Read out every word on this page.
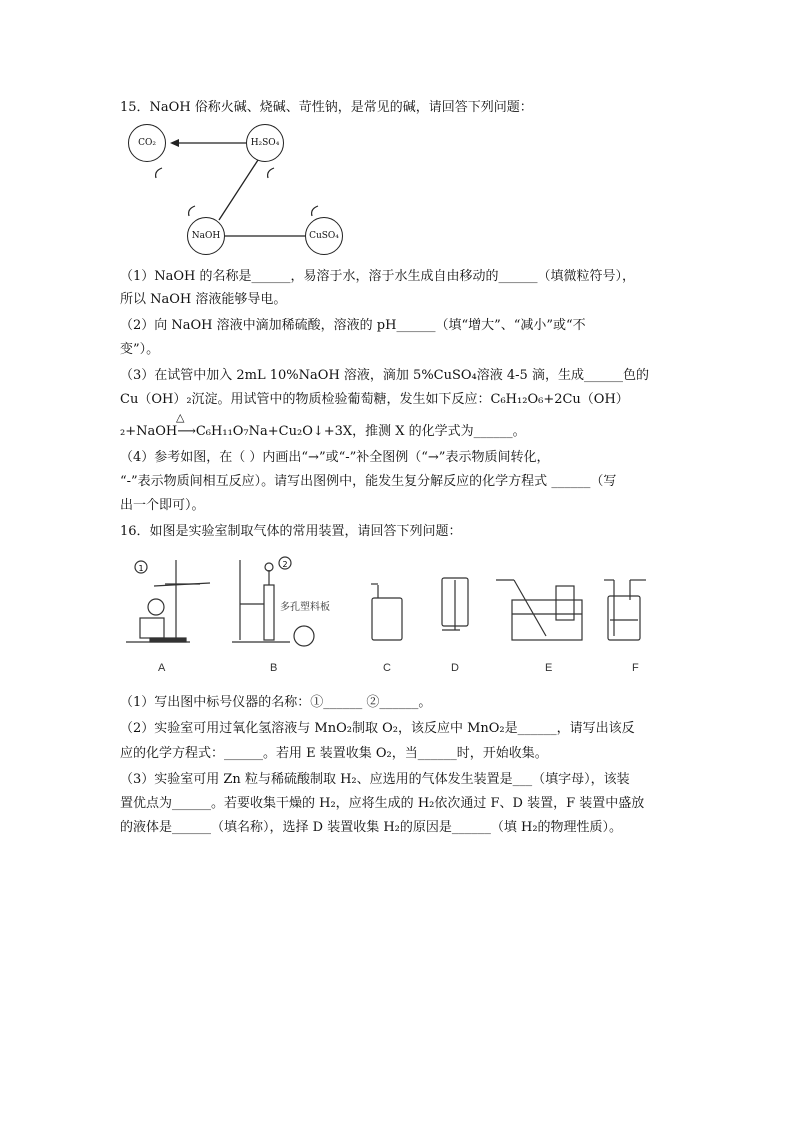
15．NaOH 俗称火碱、烧碱、苛性钠，是常见的碱，请回答下列问题：
CO₂	H₂SO₄
NaOH	CuSO₄
（1）NaOH 的名称是______，易溶于水，溶于水生成自由移动的______（填微粒符号），
所以 NaOH 溶液能够导电。
（2）向 NaOH 溶液中滴加稀硫酸，溶液的 pH______（填“增大”、“减小”或“不
变”）。
（3）在试管中加入 2mL 10%NaOH 溶液，滴加 5%CuSO₄溶液 4-5 滴，生成______色的
Cu（OH）₂沉淀。用试管中的物质检验葡萄糖，发生如下反应：C₆H₁₂O₆+2Cu（OH）
△
₂+NaOH⟶C₆H₁₁O₇Na+Cu₂O↓+3X，推测 X 的化学式为______。
（4）参考如图，在（ ）内画出“→”或“-”补全图例（“→”表示物质间转化，
“-”表示物质间相互反应）。请写出图例中，能发生复分解反应的化学方程式 ______（写
出一个即可）。
16．如图是实验室制取气体的常用装置，请回答下列问题：
1	2
多孔塑料板
A	B	C	D	E	F
（1）写出图中标号仪器的名称：①______ ②______。
（2）实验室可用过氧化氢溶液与 MnO₂制取 O₂，该反应中 MnO₂是______，请写出该反
应的化学方程式：______。若用 E 装置收集 O₂，当______时，开始收集。
（3）实验室可用 Zn 粒与稀硫酸制取 H₂、应选用的气体发生装置是___（填字母），该装
置优点为______。若要收集干燥的 H₂，应将生成的 H₂依次通过 F、D 装置，F 装置中盛放
的液体是______（填名称），选择 D 装置收集 H₂的原因是______（填 H₂的物理性质）。
